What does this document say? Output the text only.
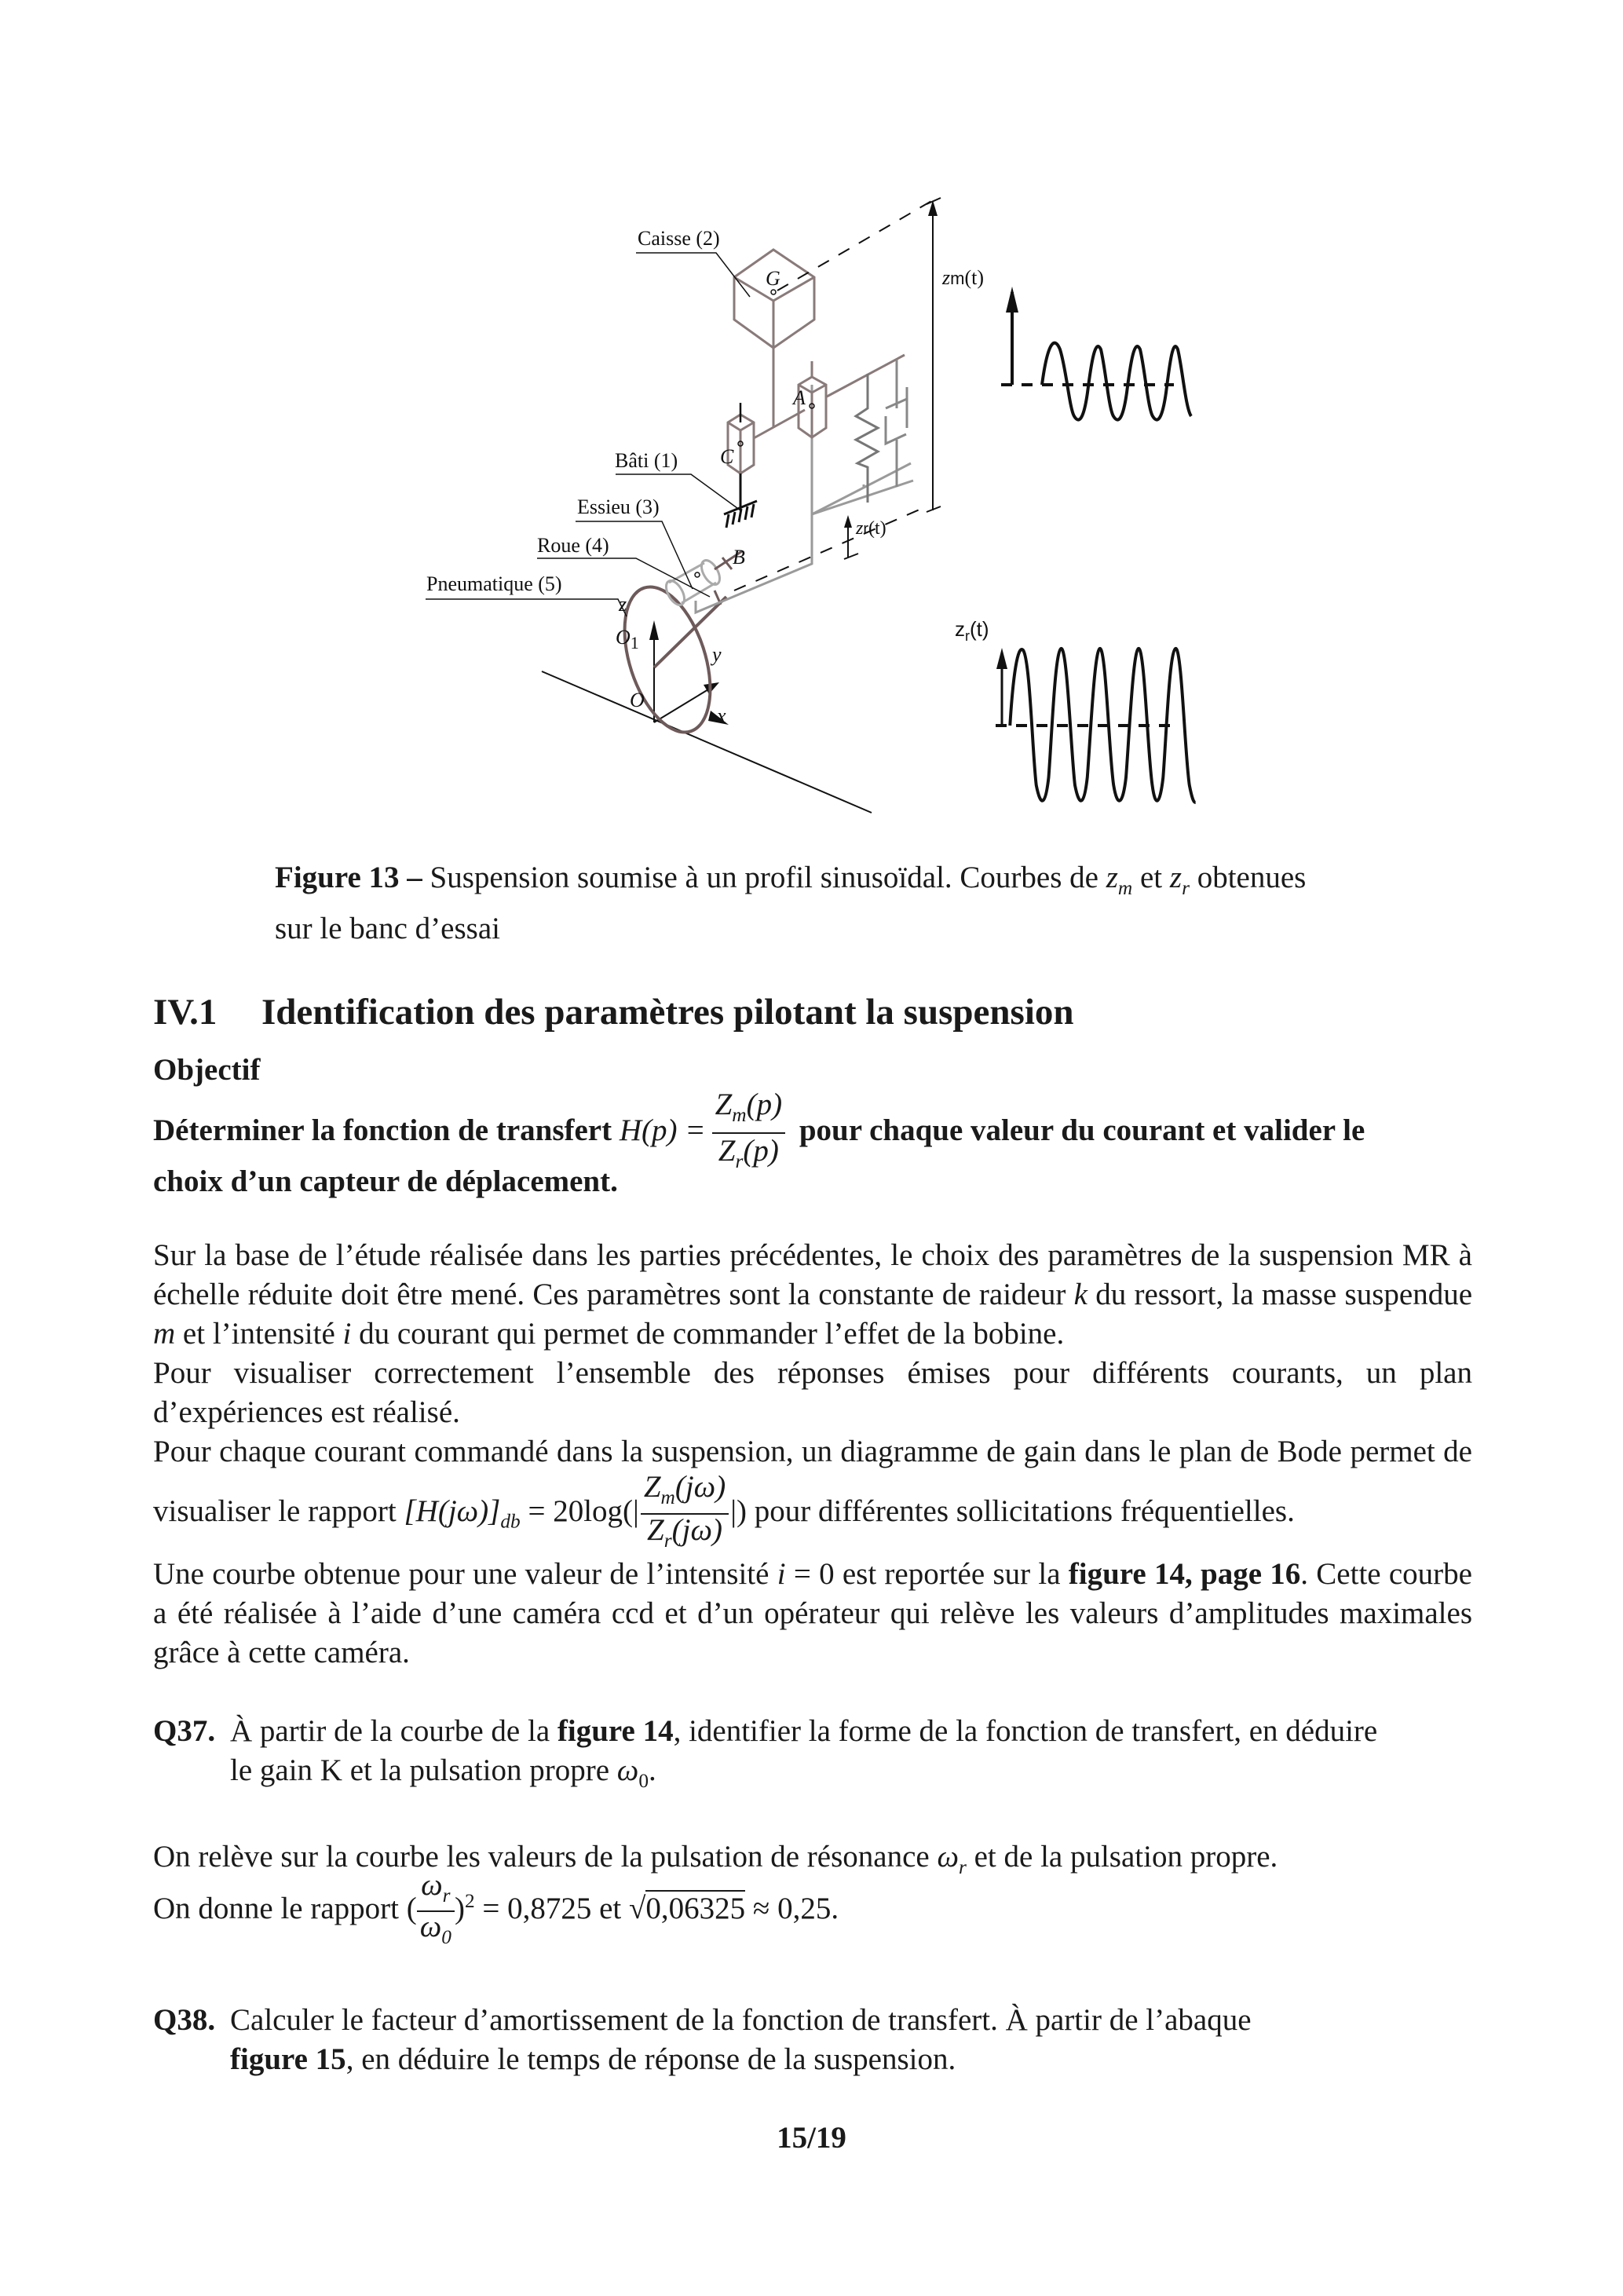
Caisse (2)
Bâti (1)
Essieu (3)
Roue (4)
Pneumatique (5)
G
A
C
B
O
$O_1$
z
y
x
zm(t)
zr(t)
$z_r(t)$
Figure 13 – Suspension soumise à un profil sinusoïdal. Courbes de $z_m$ et $z_r$ obtenues
sur le banc d’essai
IV.1 Identification des paramètres pilotant la suspension
Objectif
Déterminer la fonction de transfert $H(p) = \frac{Z_m(p)}{Z_r(p)}$ pour chaque valeur du courant et valider le
choix d’un capteur de déplacement.
Sur la base de l’étude réalisée dans les parties précédentes, le choix des paramètres de la suspension MR à échelle réduite doit être mené. Ces paramètres sont la constante de raideur k du ressort, la masse suspendue m et l’intensité i du courant qui permet de commander l’effet de la bobine.
Pour visualiser correctement l’ensemble des réponses émises pour différents courants, un plan d’expériences est réalisé.
Pour chaque courant commandé dans la suspension, un diagramme de gain dans le plan de Bode permet de visualiser le rapport $[H(j\omega)]_{db} = 20\log(| \frac{Z_m(j\omega)}{Z_r(j\omega)}$ |) pour différentes sollicitations fréquentielles.
Une courbe obtenue pour une valeur de l’intensité i = 0 est reportée sur la figure 14, page 16. Cette courbe a été réalisée à l’aide d’une caméra ccd et d’un opérateur qui relève les valeurs d’amplitudes maximales grâce à cette caméra.
Q37. À partir de la courbe de la figure 14, identifier la forme de la fonction de transfert, en déduire
le gain K et la pulsation propre $\omega_0$.
On relève sur la courbe les valeurs de la pulsation de résonance $\omega_r$ et de la pulsation propre.
On donne le rapport ( $\frac{\omega_r}{\omega_0} )^2 = 0,8725$ et √0,06325 ≈ 0,25.
Q38. Calculer le facteur d’amortissement de la fonction de transfert. À partir de l’abaque
figure 15, en déduire le temps de réponse de la suspension.
15/19
